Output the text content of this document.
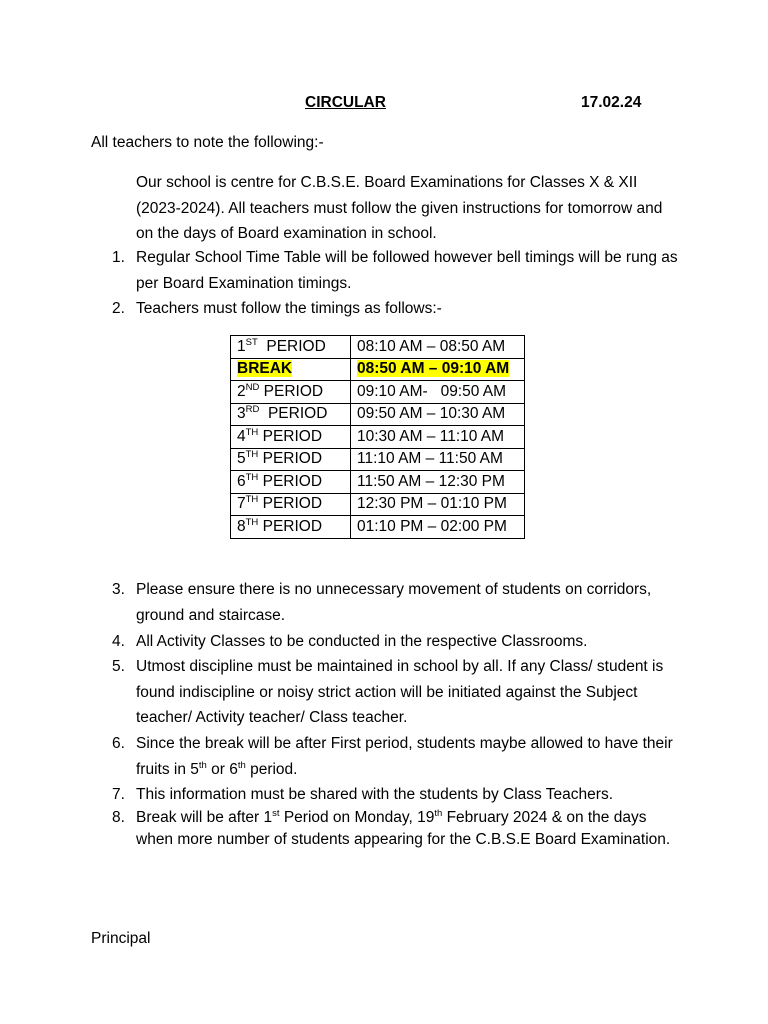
CIRCULAR	17.02.24
All teachers to note the following:-
Our school is centre for C.B.S.E. Board Examinations for Classes X & XII (2023-2024). All teachers must follow the given instructions for tomorrow and on the days of Board examination in school.
1. Regular School Time Table will be followed however bell timings will be rung as per Board Examination timings.
2. Teachers must follow the timings as follows:-
1ST  PERIOD	08:10 AM – 08:50 AM
BREAK	08:50 AM – 09:10 AM
2ND PERIOD	09:10 AM-   09:50 AM
3RD  PERIOD	09:50 AM – 10:30 AM
4TH PERIOD	10:30 AM – 11:10 AM
5TH PERIOD	11:10 AM – 11:50 AM
6TH PERIOD	11:50 AM – 12:30 PM
7TH PERIOD	12:30 PM – 01:10 PM
8TH PERIOD	01:10 PM – 02:00 PM
3. Please ensure there is no unnecessary movement of students on corridors, ground and staircase.
4. All Activity Classes to be conducted in the respective Classrooms.
5. Utmost discipline must be maintained in school by all. If any Class/ student is found indiscipline or noisy strict action will be initiated against the Subject teacher/ Activity teacher/ Class teacher.
6. Since the break will be after First period, students maybe allowed to have their fruits in 5th or 6th period.
7. This information must be shared with the students by Class Teachers.
8. Break will be after 1st Period on Monday, 19th February 2024 & on the days when more number of students appearing for the C.B.S.E Board Examination.
Principal
